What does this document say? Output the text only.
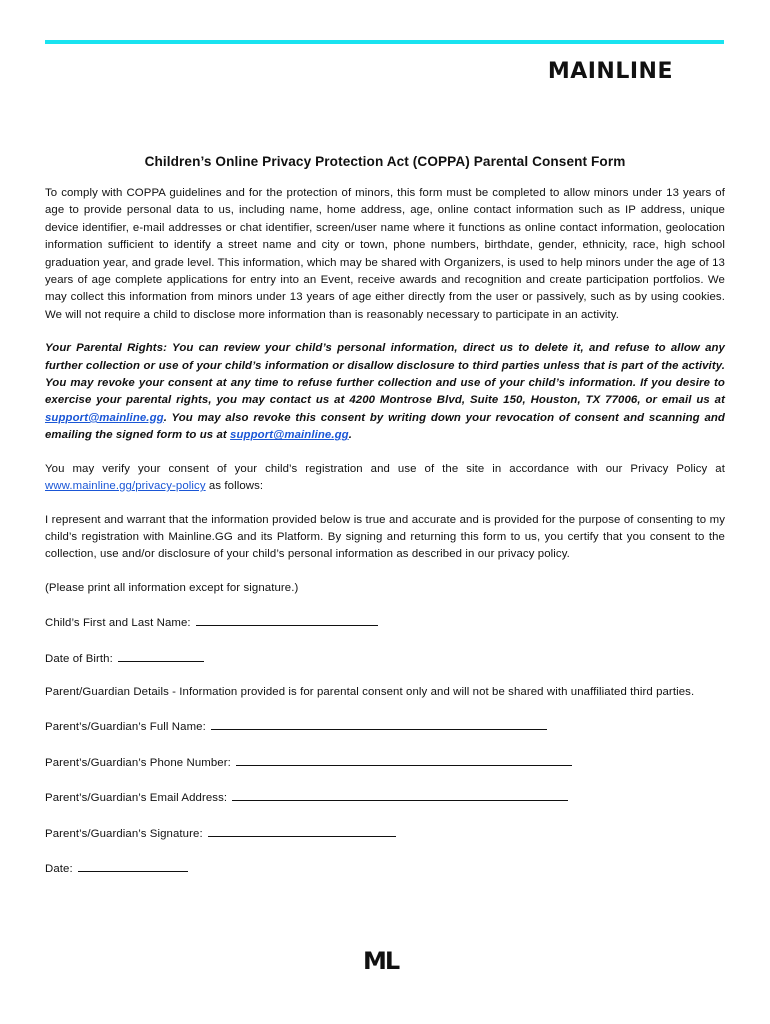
MAINLINE
Children’s Online Privacy Protection Act (COPPA) Parental Consent Form

To comply with COPPA guidelines and for the protection of minors, this form must be completed to allow minors under 13 years of age to provide personal data to us, including name, home address, age, online contact information such as IP address, unique device identifier, e-mail addresses or chat identifier, screen/user name where it functions as online contact information, geolocation information sufficient to identify a street name and city or town, phone numbers, birthdate, gender, ethnicity, race, high school graduation year, and grade level. This information, which may be shared with Organizers, is used to help minors under the age of 13 years of age complete applications for entry into an Event, receive awards and recognition and create participation portfolios. We may collect this information from minors under 13 years of age either directly from the user or passively, such as by using cookies. We will not require a child to disclose more information than is reasonably necessary to participate in an activity.

Your Parental Rights: You can review your child’s personal information, direct us to delete it, and refuse to allow any further collection or use of your child’s information or disallow disclosure to third parties unless that is part of the activity. You may revoke your consent at any time to refuse further collection and use of your child’s information. If you desire to exercise your parental rights, you may contact us at 4200 Montrose Blvd, Suite 150, Houston, TX 77006, or email us at support@mainline.gg. You may also revoke this consent by writing down your revocation of consent and scanning and emailing the signed form to us at support@mainline.gg.

You may verify your consent of your child’s registration and use of the site in accordance with our Privacy Policy at www.mainline.gg/privacy-policy as follows:

I represent and warrant that the information provided below is true and accurate and is provided for the purpose of consenting to my child’s registration with Mainline.GG and its Platform. By signing and returning this form to us, you certify that you consent to the collection, use and/or disclosure of your child’s personal information as described in our privacy policy.

(Please print all information except for signature.)
Child’s First and Last Name:
Date of Birth:

Parent/Guardian Details - Information provided is for parental consent only and will not be shared with unaffiliated third parties.

Parent’s/Guardian’s Full Name:
Parent’s/Guardian’s Phone Number:
Parent’s/Guardian’s Email Address:
Parent’s/Guardian’s Signature:
Date:
ML
